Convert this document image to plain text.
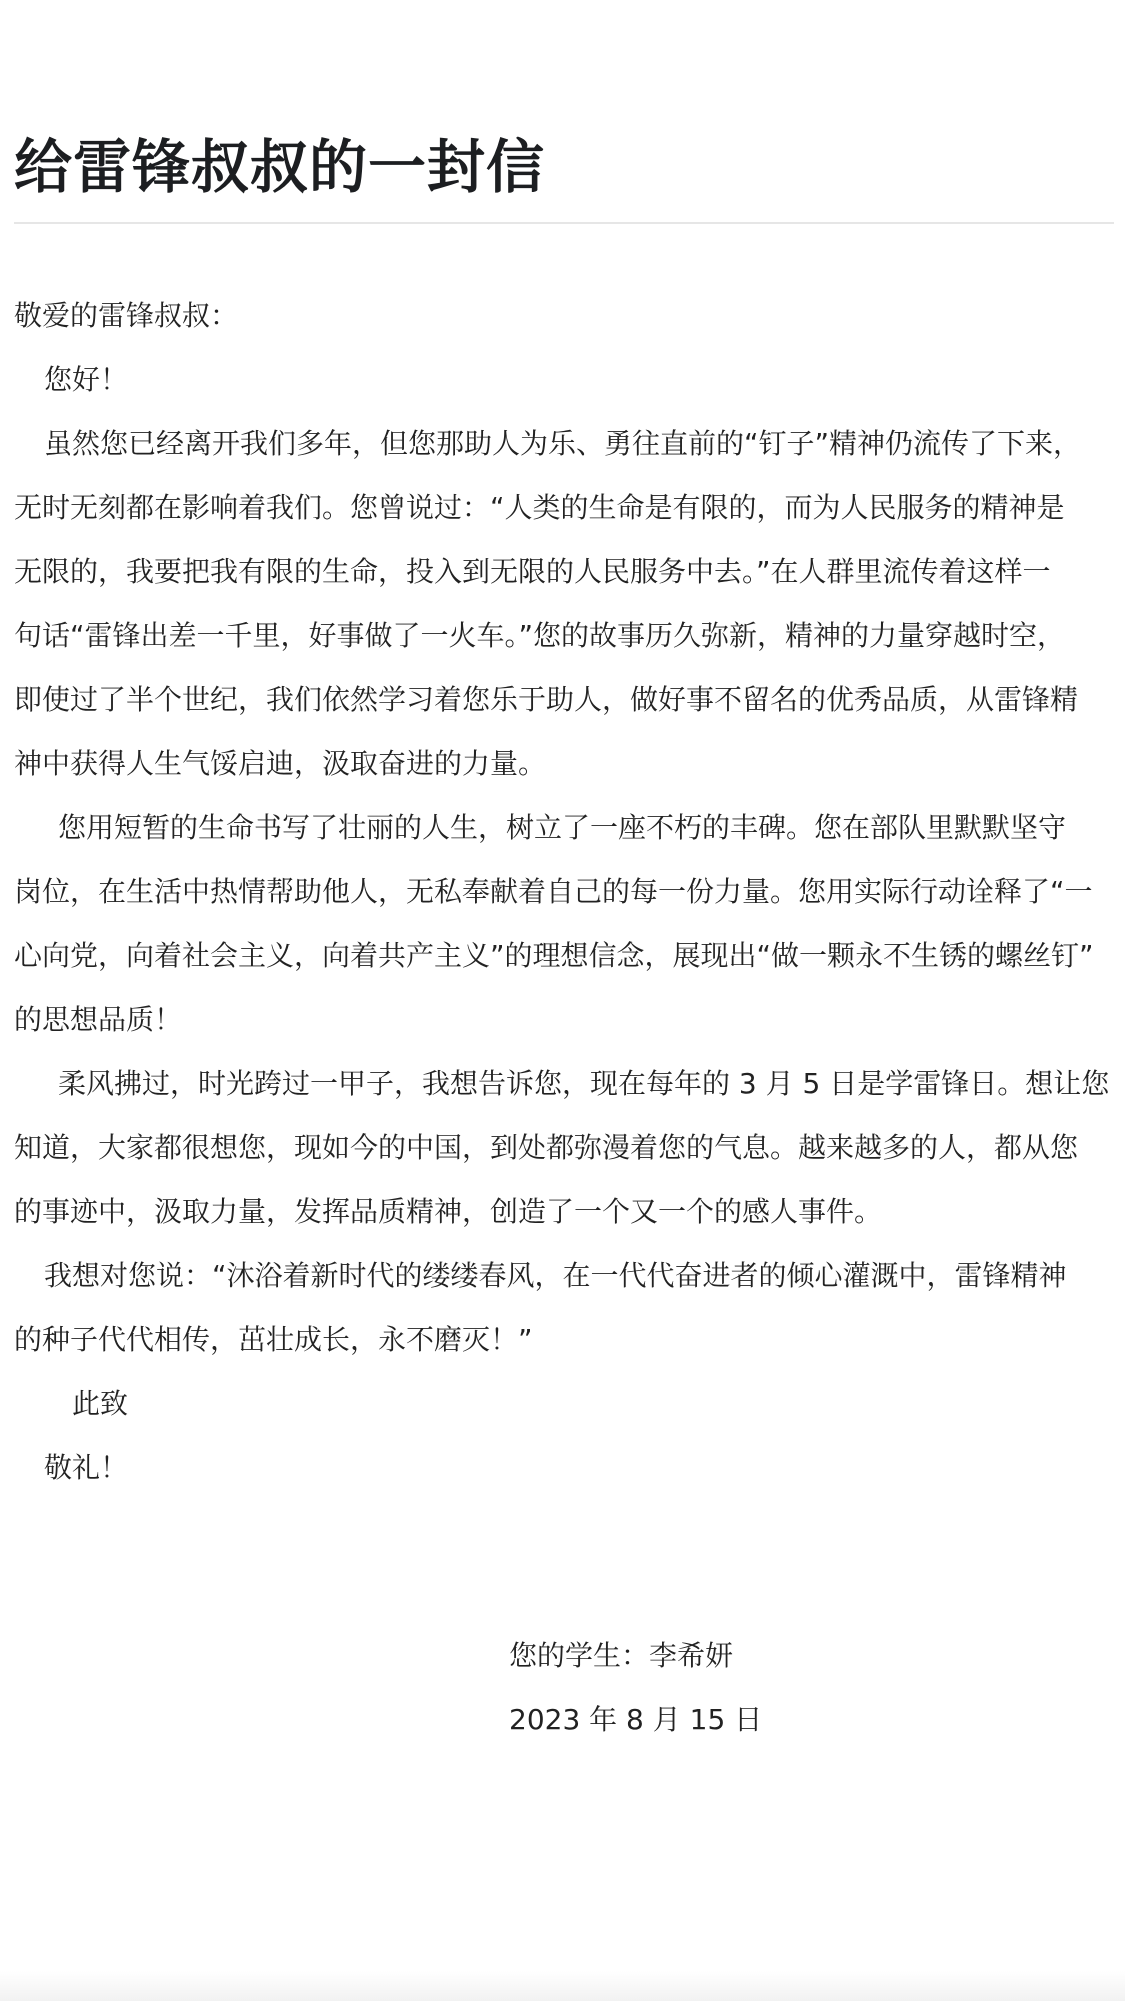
给雷锋叔叔的一封信
敬爱的雷锋叔叔：
您好！
虽然您已经离开我们多年，但您那助人为乐、勇往直前的“钉子”精神仍流传了下来，
无时无刻都在影响着我们。您曾说过：“人类的生命是有限的，而为人民服务的精神是
无限的，我要把我有限的生命，投入到无限的人民服务中去。”在人群里流传着这样一
句话“雷锋出差一千里，好事做了一火车。”您的故事历久弥新，精神的力量穿越时空，
即使过了半个世纪，我们依然学习着您乐于助人，做好事不留名的优秀品质，从雷锋精
神中获得人生气馁启迪，汲取奋进的力量。
您用短暂的生命书写了壮丽的人生，树立了一座不朽的丰碑。您在部队里默默坚守
岗位，在生活中热情帮助他人，无私奉献着自己的每一份力量。您用实际行动诠释了“一
心向党，向着社会主义，向着共产主义”的理想信念，展现出“做一颗永不生锈的螺丝钉”
的思想品质！
柔风拂过，时光跨过一甲子，我想告诉您，现在每年的 3 月 5 日是学雷锋日。想让您
知道，大家都很想您，现如今的中国，到处都弥漫着您的气息。越来越多的人，都从您
的事迹中，汲取力量，发挥品质精神，创造了一个又一个的感人事件。
我想对您说：“沐浴着新时代的缕缕春风，在一代代奋进者的倾心灌溉中，雷锋精神
的种子代代相传，茁壮成长，永不磨灭！”
此致
敬礼！
您的学生：李希妍
2023 年 8 月 15 日
